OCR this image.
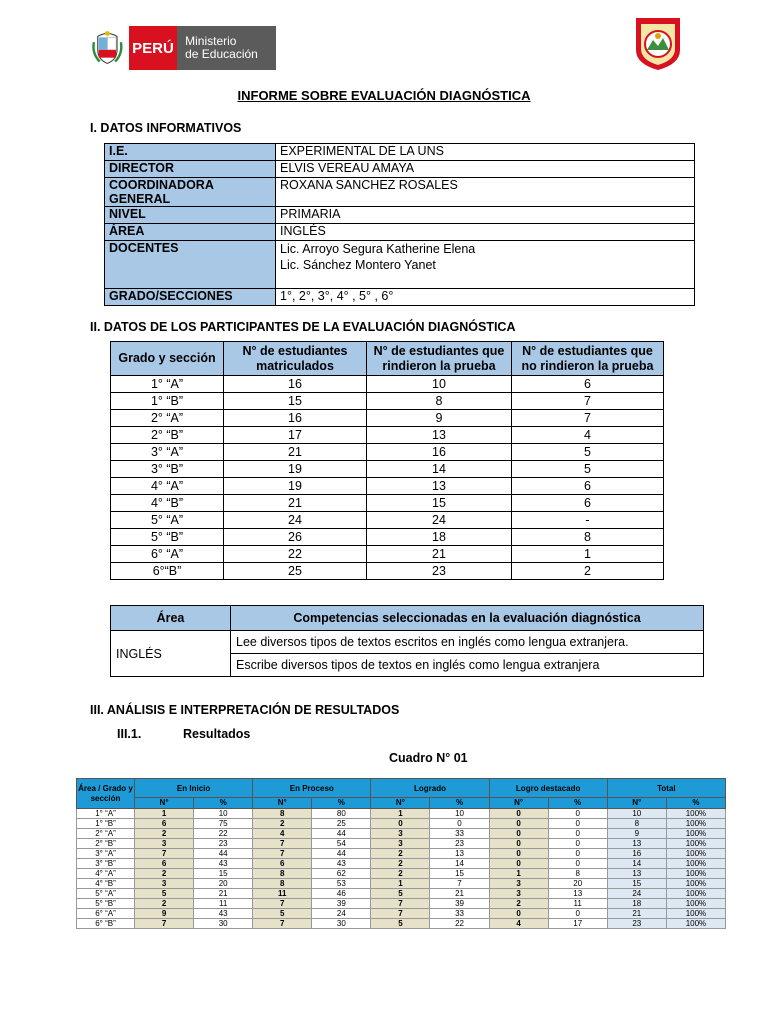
PERÚ Ministerio
de Educación
INFORME SOBRE EVALUACIÓN DIAGNÓSTICA
I. DATOS INFORMATIVOS
I.E.	EXPERIMENTAL DE LA UNS
DIRECTOR	ELVIS VEREAU AMAYA
COORDINADORA GENERAL	ROXANA SANCHEZ ROSALES
NIVEL	PRIMARIA
ÁREA	INGLÉS
DOCENTES	Lic. Arroyo Segura Katherine Elena
Lic. Sánchez Montero Yanet

GRADO/SECCIONES	1°, 2°, 3°, 4° , 5° , 6°
II. DATOS DE LOS PARTICIPANTES DE LA EVALUACIÓN DIAGNÓSTICA
Grado y sección	N° de estudiantes matriculados	N° de estudiantes que rindieron la prueba	N° de estudiantes que no rindieron la prueba
1° “A”	16	10	6
1° “B”	15	8	7
2° “A”	16	9	7
2° “B”	17	13	4
3° “A”	21	16	5
3° “B”	19	14	5
4° “A”	19	13	6
4° “B”	21	15	6
5° “A”	24	24	-
5° “B”	26	18	8
6° “A”	22	21	1
6°“B”	25	23	2
Área	Competencias seleccionadas en la evaluación diagnóstica
INGLÉS	Lee diversos tipos de textos escritos en inglés como lengua extranjera.
	Escribe diversos tipos de textos en inglés como lengua extranjera
III. ANÁLISIS E INTERPRETACIÓN DE RESULTADOS
III.1.	Resultados
Cuadro N° 01
Área / Grado y sección	En Inicio		En Proceso		Logrado		Logro destacado		Total	
	N°	%	N°	%	N°	%	N°	%	N°	%
1° “A”	1	10	8	80	1	10	0	0	10	100%
1° “B”	6	75	2	25	0	0	0	0	8	100%
2° “A”	2	22	4	44	3	33	0	0	9	100%
2° “B”	3	23	7	54	3	23	0	0	13	100%
3° “A”	7	44	7	44	2	13	0	0	16	100%
3° “B”	6	43	6	43	2	14	0	0	14	100%
4° “A”	2	15	8	62	2	15	1	8	13	100%
4° “B”	3	20	8	53	1	7	3	20	15	100%
5° “A”	5	21	11	46	5	21	3	13	24	100%
5° “B”	2	11	7	39	7	39	2	11	18	100%
6° “A”	9	43	5	24	7	33	0	0	21	100%
6° “B”	7	30	7	30	5	22	4	17	23	100%
